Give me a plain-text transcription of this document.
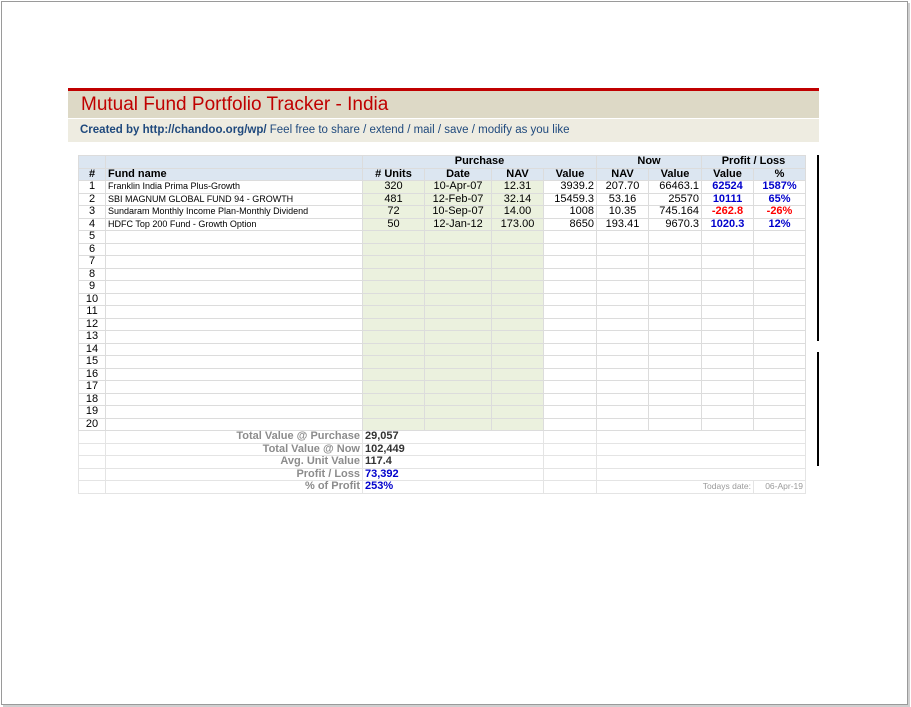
Mutual Fund Portfolio Tracker - India
Created by http://chandoo.org/wp/ Feel free to share / extend / mail / save / modify as you like
		Purchase				Now		Profit / Loss	
#	Fund name	# Units	Date	NAV	Value	NAV	Value	Value	%
1	Franklin India Prima Plus-Growth	320	10-Apr-07	12.31	3939.2	207.70	66463.1	62524	1587%
2	SBI MAGNUM GLOBAL FUND 94 - GROWTH	481	12-Feb-07	32.14	15459.3	53.16	25570	10111	65%
3	Sundaram Monthly Income Plan-Monthly Dividend	72	10-Sep-07	14.00	1008	10.35	745.164	-262.8	-26%
4	HDFC Top 200 Fund - Growth Option	50	12-Jan-12	173.00	8650	193.41	9670.3	1020.3	12%
5									
6									
7									
8									
9									
10									
11									
12									
13									
14									
15									
16									
17									
18									
19									
20									
	Total Value @ Purchase	29,057							
	Total Value @ Now	102,449							
	Avg. Unit Value	117.4							
	Profit / Loss	73,392							
	% of Profit	253%				Todays date:			06-Apr-19
